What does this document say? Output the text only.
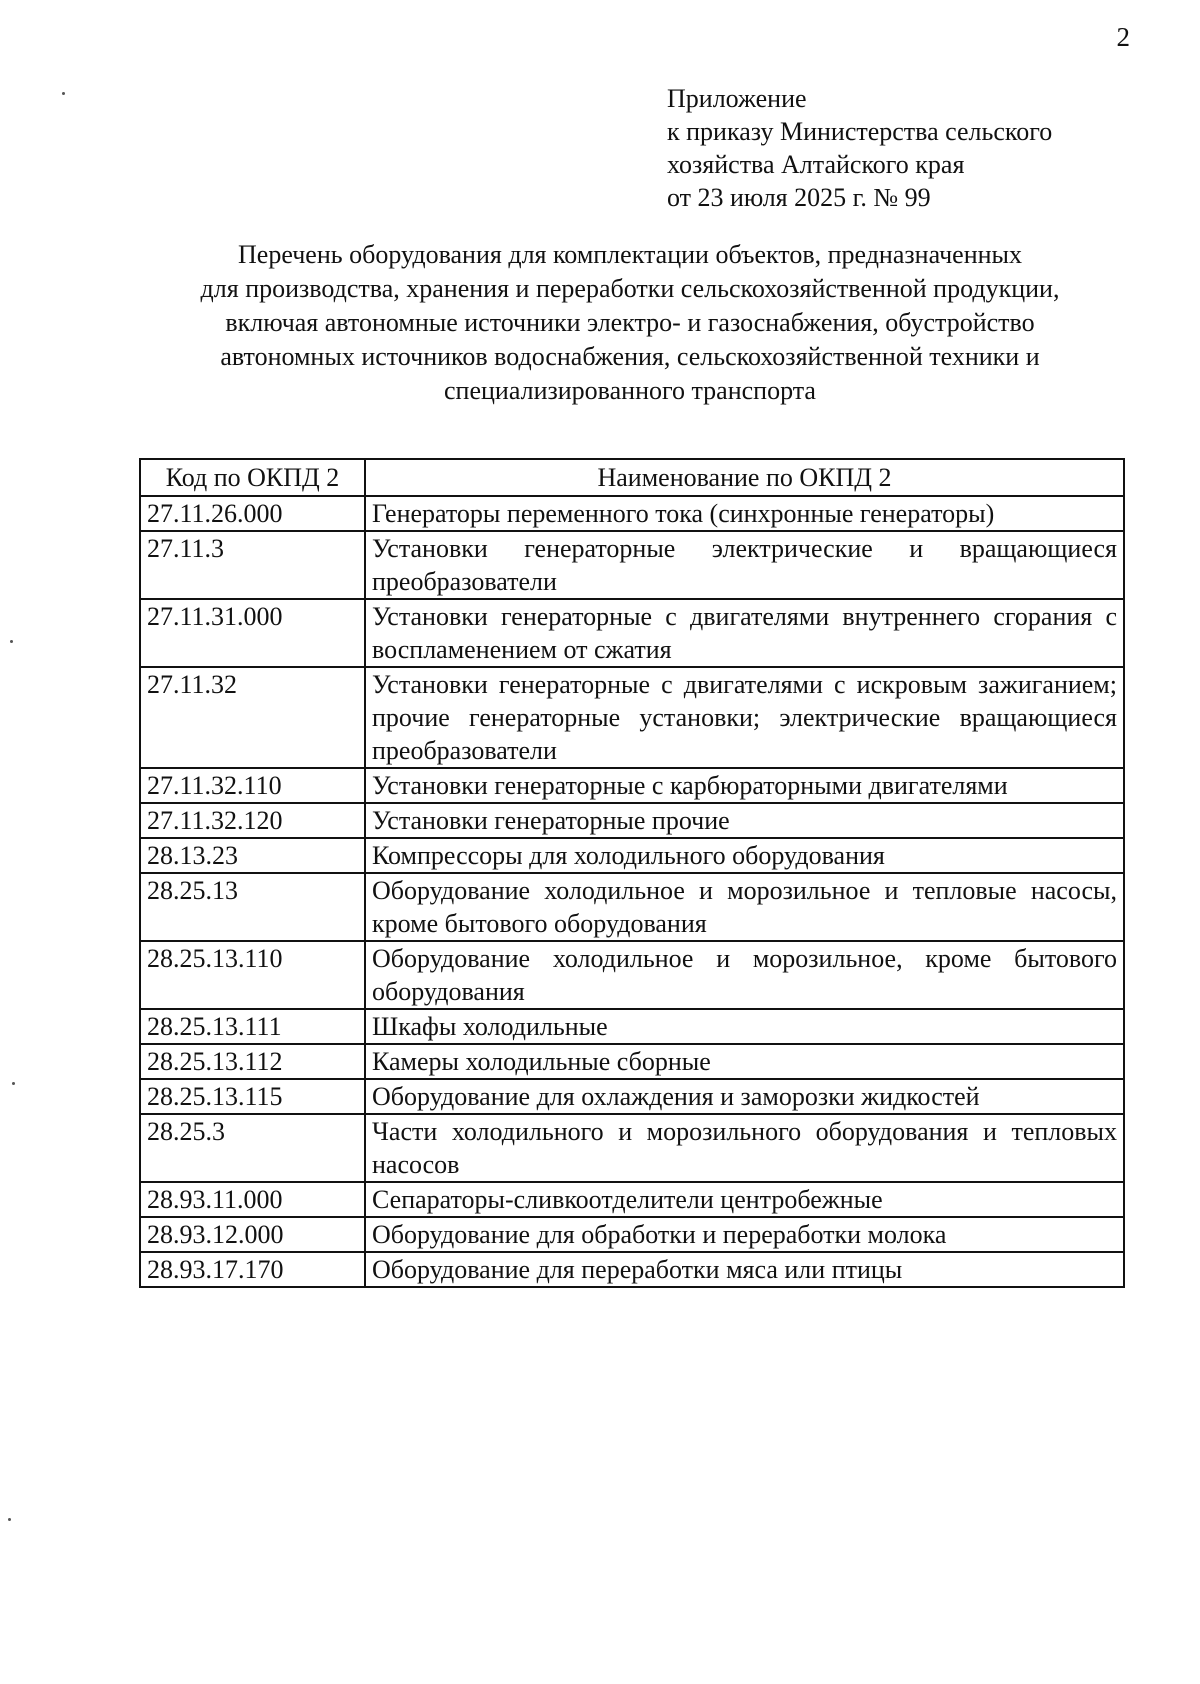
2
Приложение
к приказу Министерства сельского
хозяйства Алтайского края
от 23 июля 2025 г. № 99
Перечень оборудования для комплектации объектов, предназначенных
для производства, хранения и переработки сельскохозяйственной продукции,
включая автономные источники электро- и газоснабжения, обустройство
автономных источников водоснабжения, сельскохозяйственной техники и
специализированного транспорта
Код по ОКПД 2	Наименование по ОКПД 2
27.11.26.000	Генераторы переменного тока (синхронные генераторы)
27.11.3	Установки генераторные электрические и вращающиеся преобразователи
27.11.31.000	Установки генераторные с двигателями внутреннего сгорания с воспламенением от сжатия
27.11.32	Установки генераторные с двигателями с искровым зажиганием; прочие генераторные установки; электрические вращающиеся преобразователи
27.11.32.110	Установки генераторные с карбюраторными двигателями
27.11.32.120	Установки генераторные прочие
28.13.23	Компрессоры для холодильного оборудования
28.25.13	Оборудование холодильное и морозильное и тепловые насосы, кроме бытового оборудования
28.25.13.110	Оборудование холодильное и морозильное, кроме бытового оборудования
28.25.13.111	Шкафы холодильные
28.25.13.112	Камеры холодильные сборные
28.25.13.115	Оборудование для охлаждения и заморозки жидкостей
28.25.3	Части холодильного и морозильного оборудования и тепловых насосов
28.93.11.000	Сепараторы-сливкоотделители центробежные
28.93.12.000	Оборудование для обработки и переработки молока
28.93.17.170	Оборудование для переработки мяса или птицы
